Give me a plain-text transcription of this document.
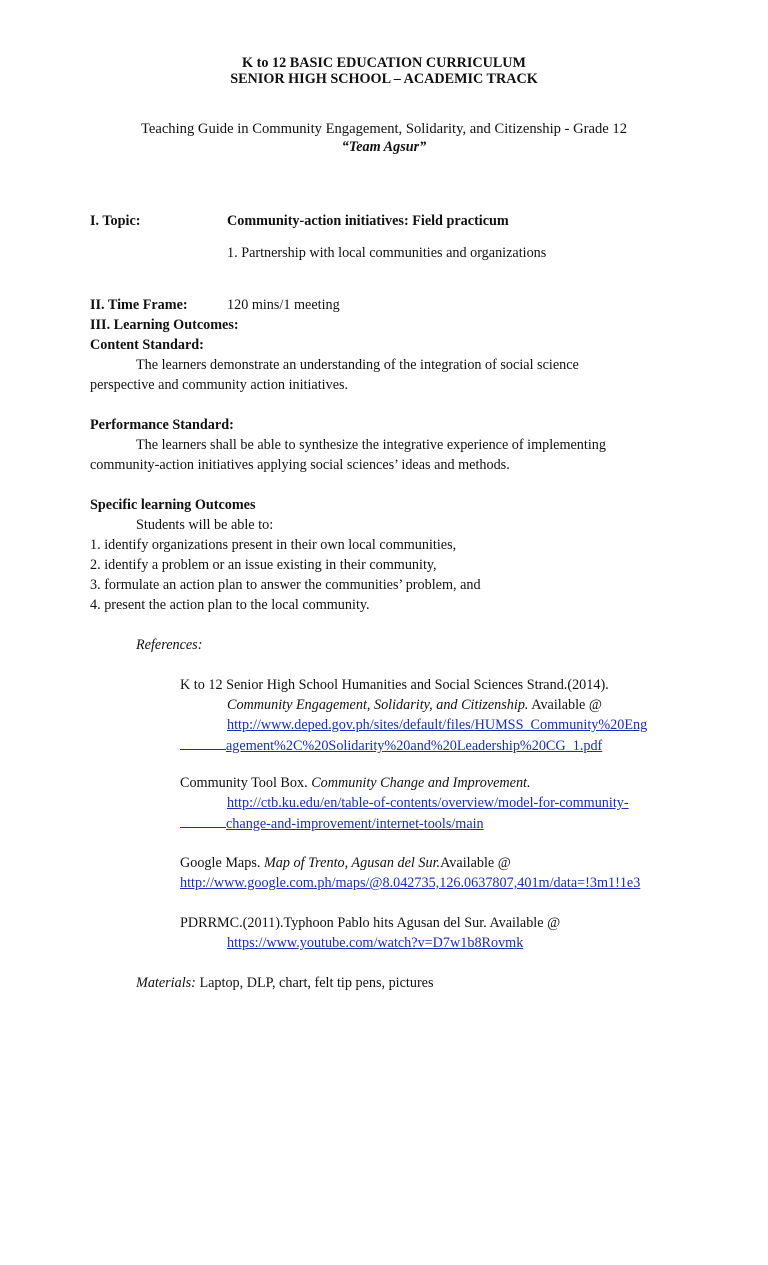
K to 12 BASIC EDUCATION CURRICULUM
SENIOR HIGH SCHOOL – ACADEMIC TRACK
Teaching Guide in Community Engagement, Solidarity, and Citizenship - Grade 12
“Team Agsur”
I. Topic:	Community-action initiatives: Field practicum
1. Partnership with local communities and organizations
II. Time Frame:	120 mins/1 meeting
III. Learning Outcomes:
Content Standard:
The learners demonstrate an understanding of the integration of social science
perspective and community action initiatives.
Performance Standard:
The learners shall be able to synthesize the integrative experience of implementing
community-action initiatives applying social sciences’ ideas and methods.
Specific learning Outcomes
Students will be able to:
1. identify organizations present in their own local communities,
2. identify a problem or an issue existing in their community,
3. formulate an action plan to answer the communities’ problem, and
4. present the action plan to the local community.
References:
K to 12 Senior High School Humanities and Social Sciences Strand.(2014).
Community Engagement, Solidarity, and Citizenship. Available @
http://www.deped.gov.ph/sites/default/files/HUMSS_Community%20Eng
agement%2C%20Solidarity%20and%20Leadership%20CG_1.pdf
Community Tool Box. Community Change and Improvement.
http://ctb.ku.edu/en/table-of-contents/overview/model-for-community-
change-and-improvement/internet-tools/main
Google Maps. Map of Trento, Agusan del Sur.Available @
http://www.google.com.ph/maps/@8.042735,126.0637807,401m/data=!3m1!1e3
PDRRMC.(2011).Typhoon Pablo hits Agusan del Sur. Available @
https://www.youtube.com/watch?v=D7w1b8Rovmk
Materials: Laptop, DLP, chart, felt tip pens, pictures
